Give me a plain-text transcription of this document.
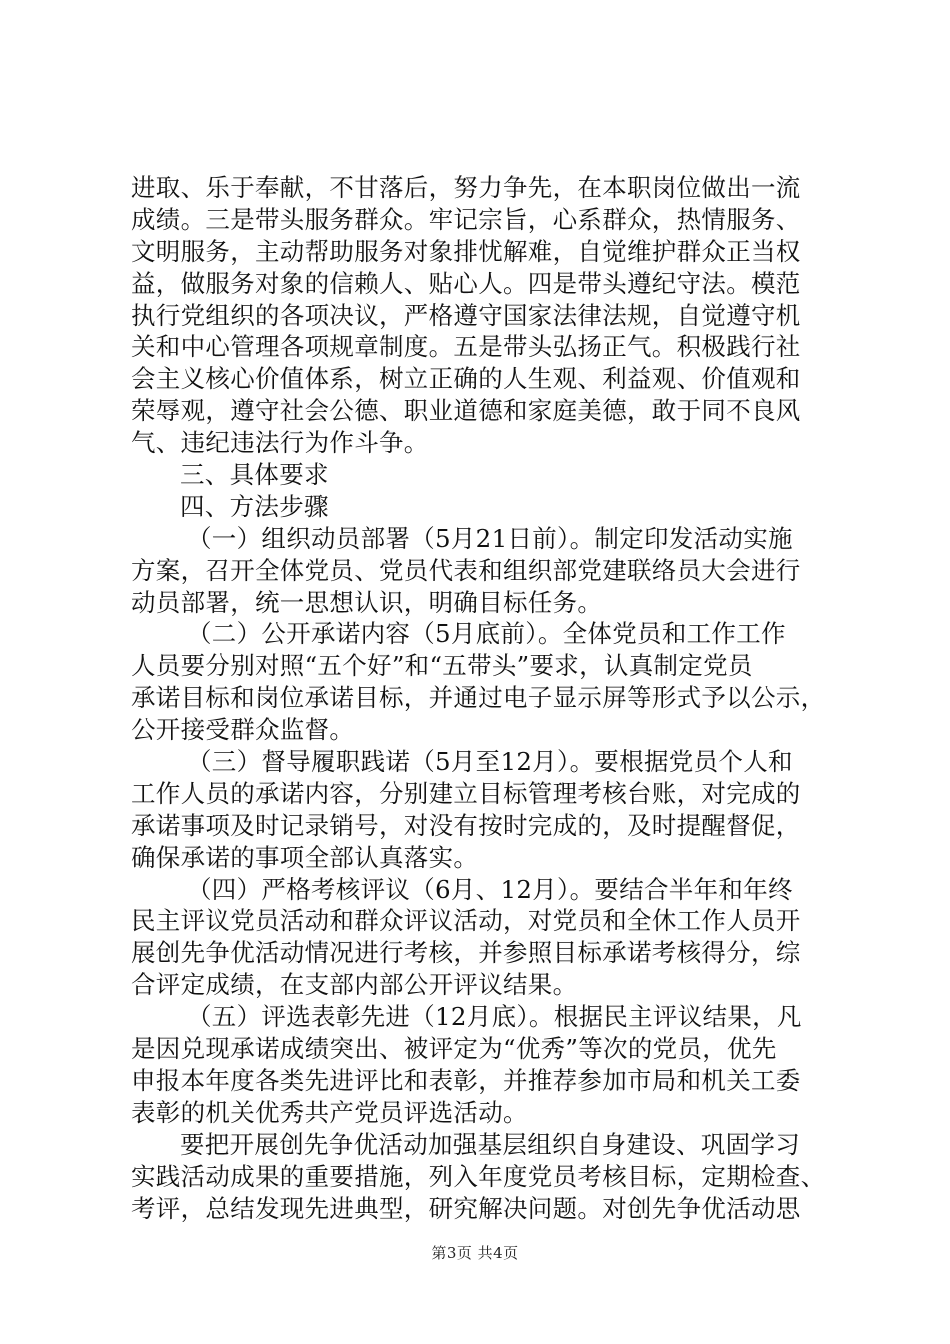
进取、乐于奉献，不甘落后，努力争先，在本职岗位做出一流
成绩。三是带头服务群众。牢记宗旨，心系群众，热情服务、
文明服务，主动帮助服务对象排忧解难，自觉维护群众正当权
益，做服务对象的信赖人、贴心人。四是带头遵纪守法。模范
执行党组织的各项决议，严格遵守国家法律法规，自觉遵守机
关和中心管理各项规章制度。五是带头弘扬正气。积极践行社
会主义核心价值体系，树立正确的人生观、利益观、价值观和
荣辱观，遵守社会公德、职业道德和家庭美德，敢于同不良风
气、违纪违法行为作斗争。
三、具体要求
四、方法步骤
（一）组织动员部署（5月21日前）。制定印发活动实施
方案，召开全体党员、党员代表和组织部党建联络员大会进行
动员部署，统一思想认识，明确目标任务。
（二）公开承诺内容（5月底前）。全体党员和工作工作
人员要分别对照“五个好”和“五带头”要求，认真制定党员
承诺目标和岗位承诺目标，并通过电子显示屏等形式予以公示，
公开接受群众监督。
（三）督导履职践诺（5月至12月）。要根据党员个人和
工作人员的承诺内容，分别建立目标管理考核台账，对完成的
承诺事项及时记录销号，对没有按时完成的，及时提醒督促，
确保承诺的事项全部认真落实。
（四）严格考核评议（6月、12月）。要结合半年和年终
民主评议党员活动和群众评议活动，对党员和全休工作人员开
展创先争优活动情况进行考核，并参照目标承诺考核得分，综
合评定成绩，在支部内部公开评议结果。
（五）评选表彰先进（12月底）。根据民主评议结果，凡
是因兑现承诺成绩突出、被评定为“优秀”等次的党员，优先
申报本年度各类先进评比和表彰，并推荐参加市局和机关工委
表彰的机关优秀共产党员评选活动。
要把开展创先争优活动加强基层组织自身建设、巩固学习
实践活动成果的重要措施，列入年度党员考核目标，定期检查、
考评，总结发现先进典型，研究解决问题。对创先争优活动思
第3页 共4页
